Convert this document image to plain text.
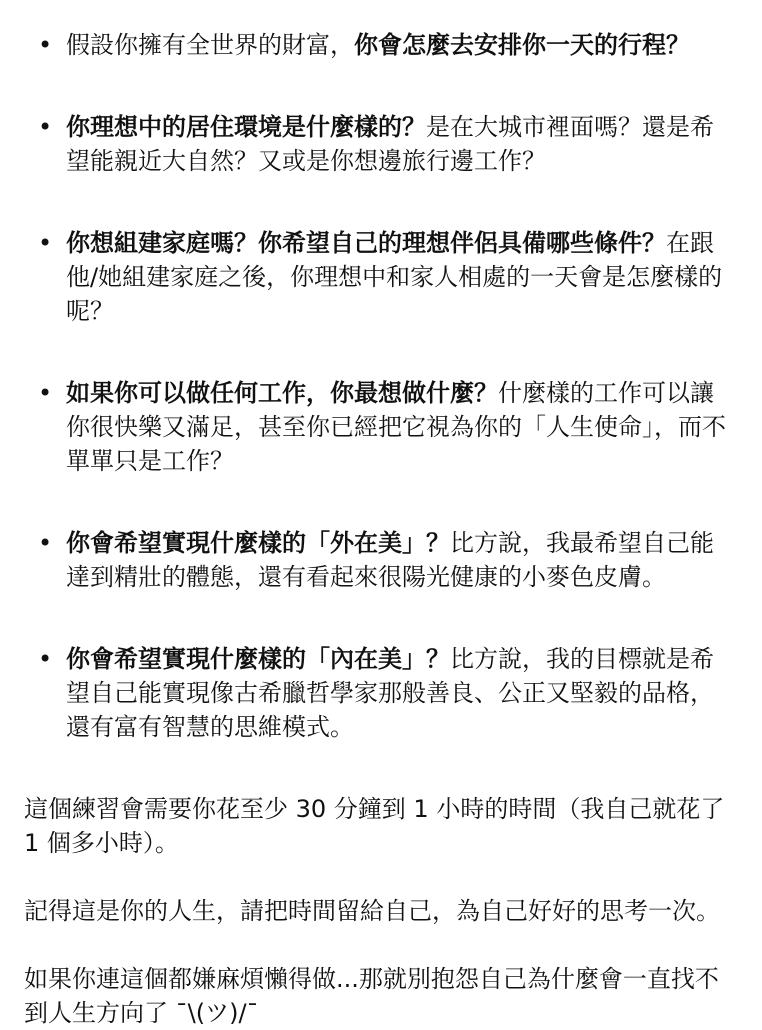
• 假設你擁有全世界的財富，你會怎麼去安排你一天的行程？
• 你理想中的居住環境是什麼樣的？是在大城市裡面嗎？還是希望能親近大自然？又或是你想邊旅行邊工作？
• 你想組建家庭嗎？你希望自己的理想伴侶具備哪些條件？在跟他/她組建家庭之後，你理想中和家人相處的一天會是怎麼樣的呢？
• 如果你可以做任何工作，你最想做什麼？什麼樣的工作可以讓你很快樂又滿足，甚至你已經把它視為你的「人生使命」，而不單單只是工作？
• 你會希望實現什麼樣的「外在美」？比方說，我最希望自己能達到精壯的體態，還有看起來很陽光健康的小麥色皮膚。
• 你會希望實現什麼樣的「內在美」？比方說，我的目標就是希望自己能實現像古希臘哲學家那般善良、公正又堅毅的品格，還有富有智慧的思維模式。

這個練習會需要你花至少 30 分鐘到 1 小時的時間（我自己就花了 1 個多小時）。

記得這是你的人生，請把時間留給自己，為自己好好的思考一次。

如果你連這個都嫌麻煩懶得做...那就別抱怨自己為什麼會一直找不到人生方向了 ¯\(ツ)/¯
